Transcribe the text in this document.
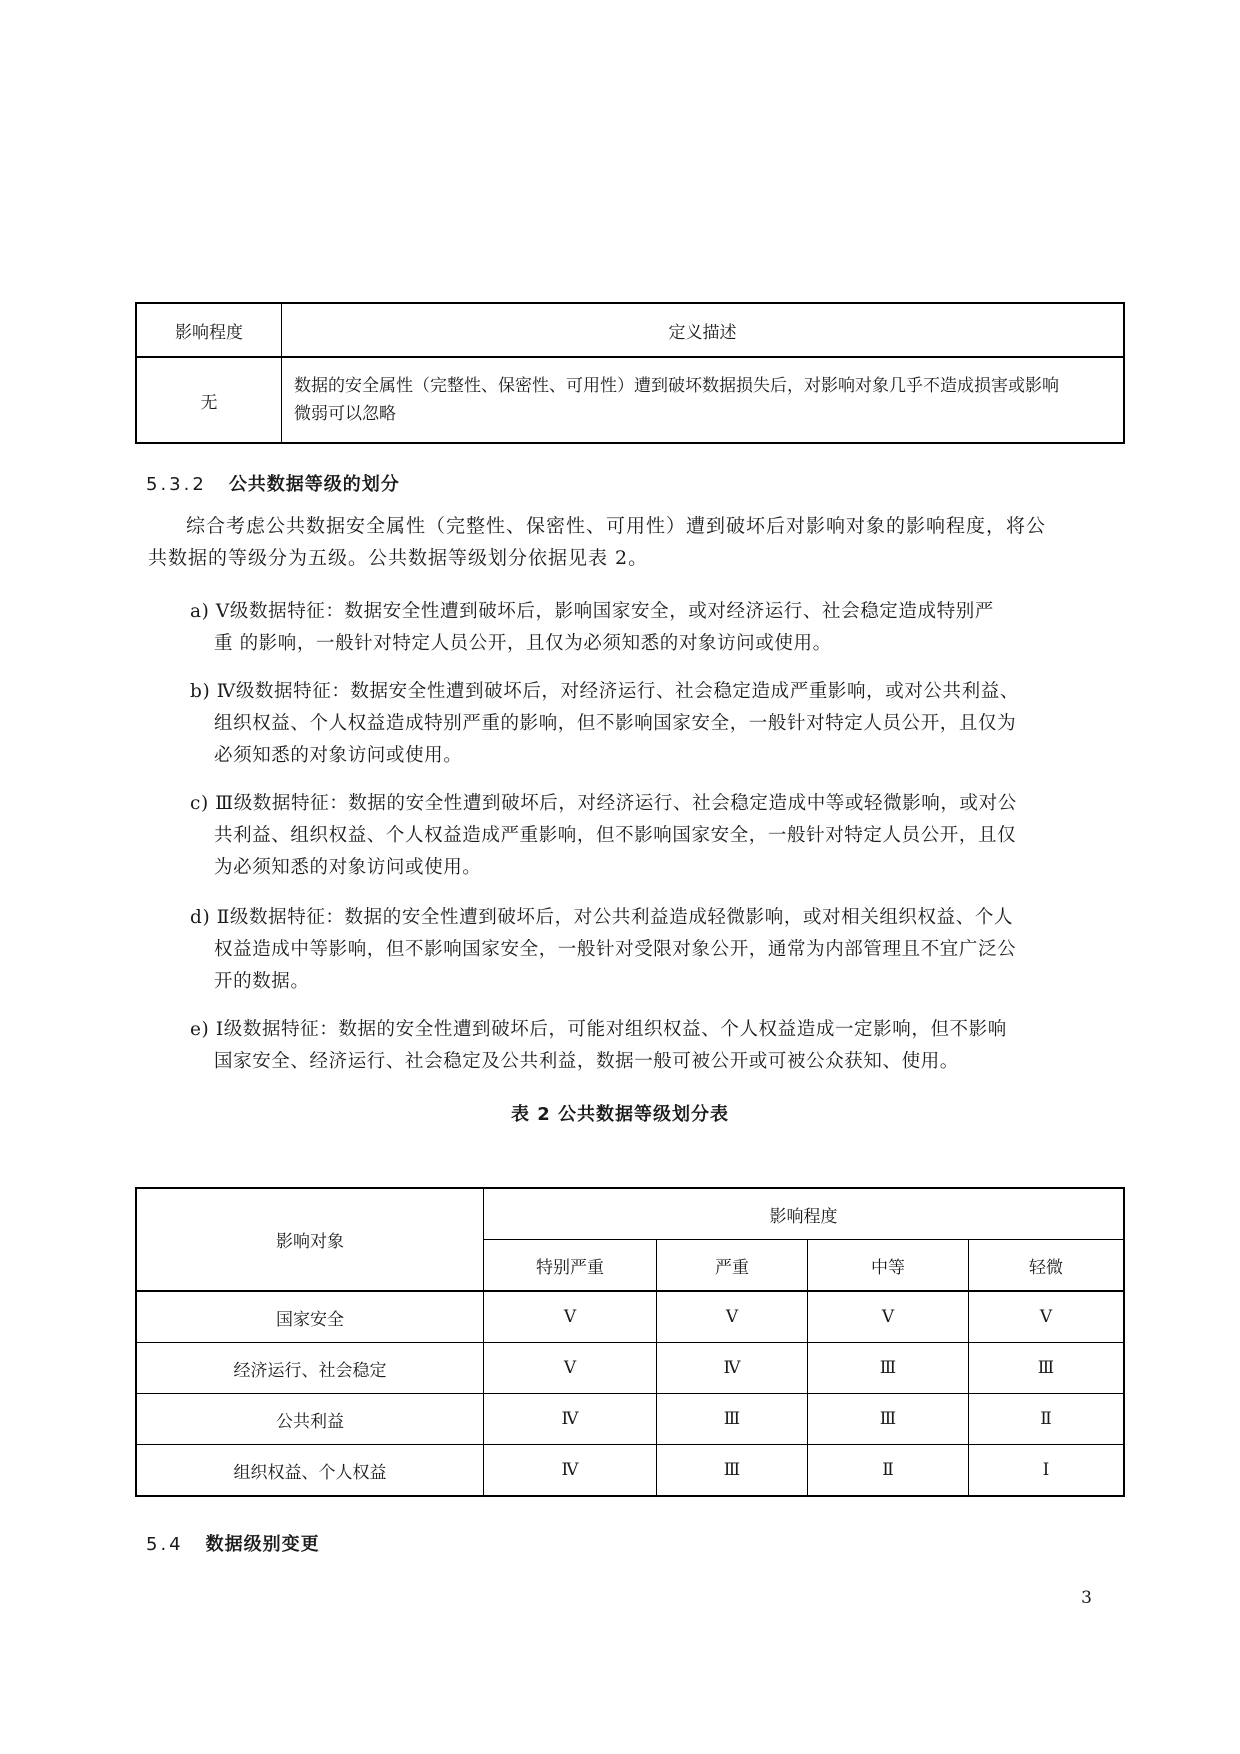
影响程度	定义描述
无	数据的安全属性（完整性、保密性、可用性）遭到破坏数据损失后，对影响对象几乎不造成损害或影响
微弱可以忽略
5.3.2 公共数据等级的划分
综合考虑公共数据安全属性（完整性、保密性、可用性）遭到破坏后对影响对象的影响程度，将公
共数据的等级分为五级。公共数据等级划分依据见表 2。
a) Ⅴ级数据特征：数据安全性遭到破坏后，影响国家安全，或对经济运行、社会稳定造成特别严
重 的影响，一般针对特定人员公开，且仅为必须知悉的对象访问或使用。
b) Ⅳ级数据特征：数据安全性遭到破坏后，对经济运行、社会稳定造成严重影响，或对公共利益、
组织权益、个人权益造成特别严重的影响，但不影响国家安全，一般针对特定人员公开，且仅为
必须知悉的对象访问或使用。
c) Ⅲ级数据特征：数据的安全性遭到破坏后，对经济运行、社会稳定造成中等或轻微影响，或对公
共利益、组织权益、个人权益造成严重影响，但不影响国家安全，一般针对特定人员公开，且仅
为必须知悉的对象访问或使用。
d) Ⅱ级数据特征：数据的安全性遭到破坏后，对公共利益造成轻微影响，或对相关组织权益、个人
权益造成中等影响，但不影响国家安全，一般针对受限对象公开，通常为内部管理且不宜广泛公
开的数据。
e) Ⅰ级数据特征：数据的安全性遭到破坏后，可能对组织权益、个人权益造成一定影响，但不影响
国家安全、经济运行、社会稳定及公共利益，数据一般可被公开或可被公众获知、使用。
表 2 公共数据等级划分表
影响对象	影响程度			
	特别严重	严重	中等	轻微
国家安全	Ⅴ	Ⅴ	Ⅴ	Ⅴ
经济运行、社会稳定	Ⅴ	Ⅳ	Ⅲ	Ⅲ
公共利益	Ⅳ	Ⅲ	Ⅲ	Ⅱ
组织权益、个人权益	Ⅳ	Ⅲ	Ⅱ	Ⅰ
5.4 数据级别变更
3
